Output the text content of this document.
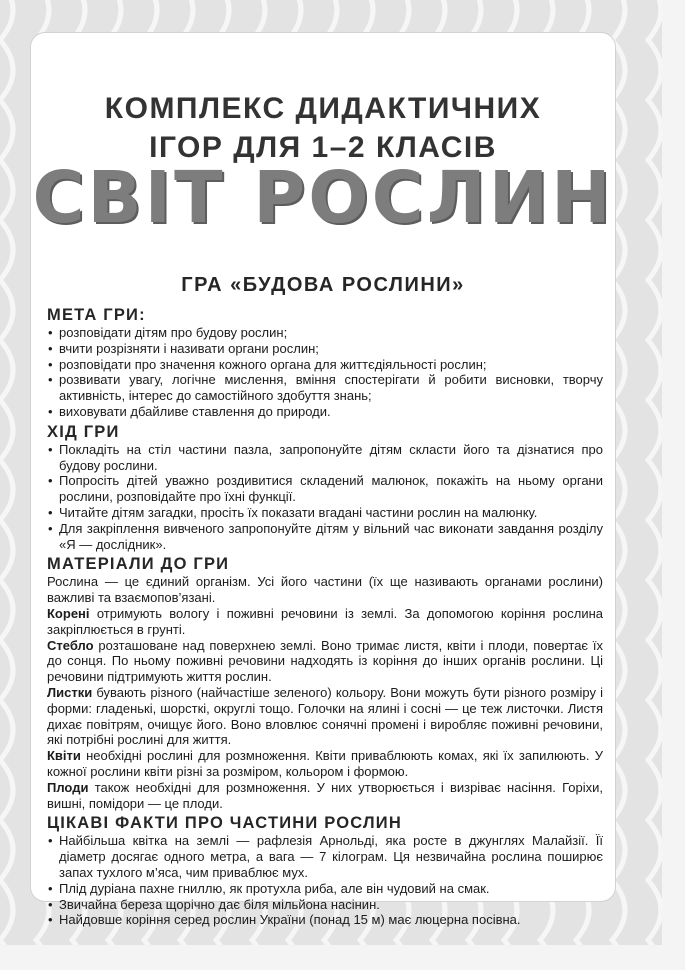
КОМПЛЕКС ДИДАКТИЧНИХ
ІГОР ДЛЯ 1–2 КЛАСІВ
СВІТ РОСЛИН
ГРА «БУДОВА РОСЛИНИ»
МЕТА ГРИ:
• розповідати дітям про будову рослин;
• вчити розрізняти і називати органи рослин;
• розповідати про значення кожного органа для життєдіяльності рослин;
• розвивати увагу, логічне мислення, вміння спостерігати й робити висновки, творчу активність, інтерес до самостійного здобуття знань;
• виховувати дбайливе ставлення до природи.
ХІД ГРИ
• Покладіть на стіл частини пазла, запропонуйте дітям скласти його та дізнатися про будову рослини.
• Попросіть дітей уважно роздивитися складений малюнок, покажіть на ньому органи рослини, розповідайте про їхні функції.
• Читайте дітям загадки, просіть їх показати вгадані частини рослин на малюнку.
• Для закріплення вивченого запропонуйте дітям у вільний час виконати завдання розділу «Я — дослідник».
МАТЕРІАЛИ ДО ГРИ

Рослина — це єдиний організм. Усі його частини (їх ще називають органами рослини) важливі та взаємопов’язані.

Корені отримують вологу і поживні речовини із землі. За допомогою коріння рослина закріплюється в грунті.

Стебло розташоване над поверхнею землі. Воно тримає листя, квіти і плоди, повертає їх до сонця. По ньому поживні речовини надходять із коріння до інших органів рослини. Ці речовини підтримують життя рослин.

Листки бувають різного (найчастіше зеленого) кольору. Вони можуть бути різного розміру і форми: гладенькі, шорсткі, округлі тощо. Голочки на ялині і сосні — це теж листочки. Листя дихає повітрям, очищує його. Воно вловлює сонячні промені і виробляє поживні речовини, які потрібні рослині для життя.

Квіти необхідні рослині для розмноження. Квіти приваблюють комах, які їх запилюють. У кожної рослини квіти різні за розміром, кольором і формою.

Плоди також необхідні для розмноження. У них утворюється і визріває насіння. Горіхи, вишні, помідори — це плоди.

ЦІКАВІ ФАКТИ ПРО ЧАСТИНИ РОСЛИН
• Найбільша квітка на землі — рафлезія Арнольді, яка росте в джунглях Малайзії. Її діаметр досягає одного метра, а вага — 7 кілограм. Ця незвичайна рослина поширює запах тухлого м’яса, чим приваблює мух.
• Плід дуріана пахне гниллю, як протухла риба, але він чудовий на смак.
• Звичайна береза щорічно дає біля мільйона насінин.
• Найдовше коріння серед рослин України (понад 15 м) має люцерна посівна.
